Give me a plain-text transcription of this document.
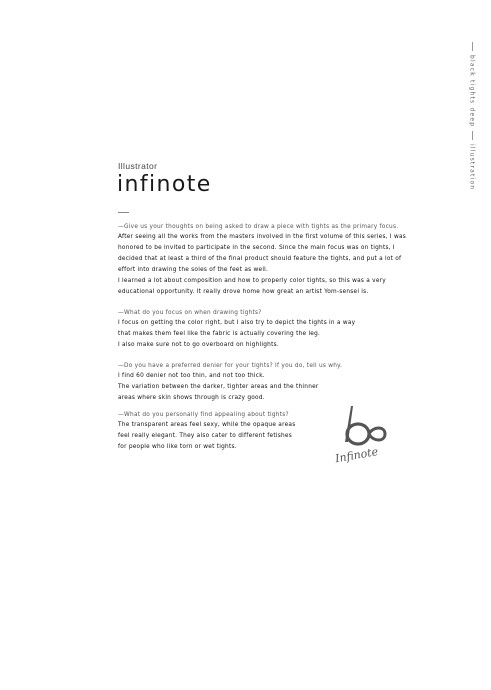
black tights deep
illustration
Illustrator
infinote
—Give us your thoughts on being asked to draw a piece with tights as the primary focus.

After seeing all the works from the masters involved in the first volume of this series, I was

honored to be invited to participate in the second. Since the main focus was on tights, I

decided that at least a third of the final product should feature the tights, and put a lot of

effort into drawing the soles of the feet as well.

I learned a lot about composition and how to properly color tights, so this was a very

educational opportunity. It really drove home how great an artist Yom-sensei is.

—What do you focus on when drawing tights?

I focus on getting the color right, but I also try to depict the tights in a way

that makes them feel like the fabric is actually covering the leg.

I also make sure not to go overboard on highlights.

—Do you have a preferred denier for your tights? If you do, tell us why.

I find 60 denier not too thin, and not too thick.

The variation between the darker, tighter areas and the thinner

areas where skin shows through is crazy good.

—What do you personally find appealing about tights?

The transparent areas feel sexy, while the opaque areas

feel really elegant. They also cater to different fetishes

for people who like torn or wet tights.	Infinote
